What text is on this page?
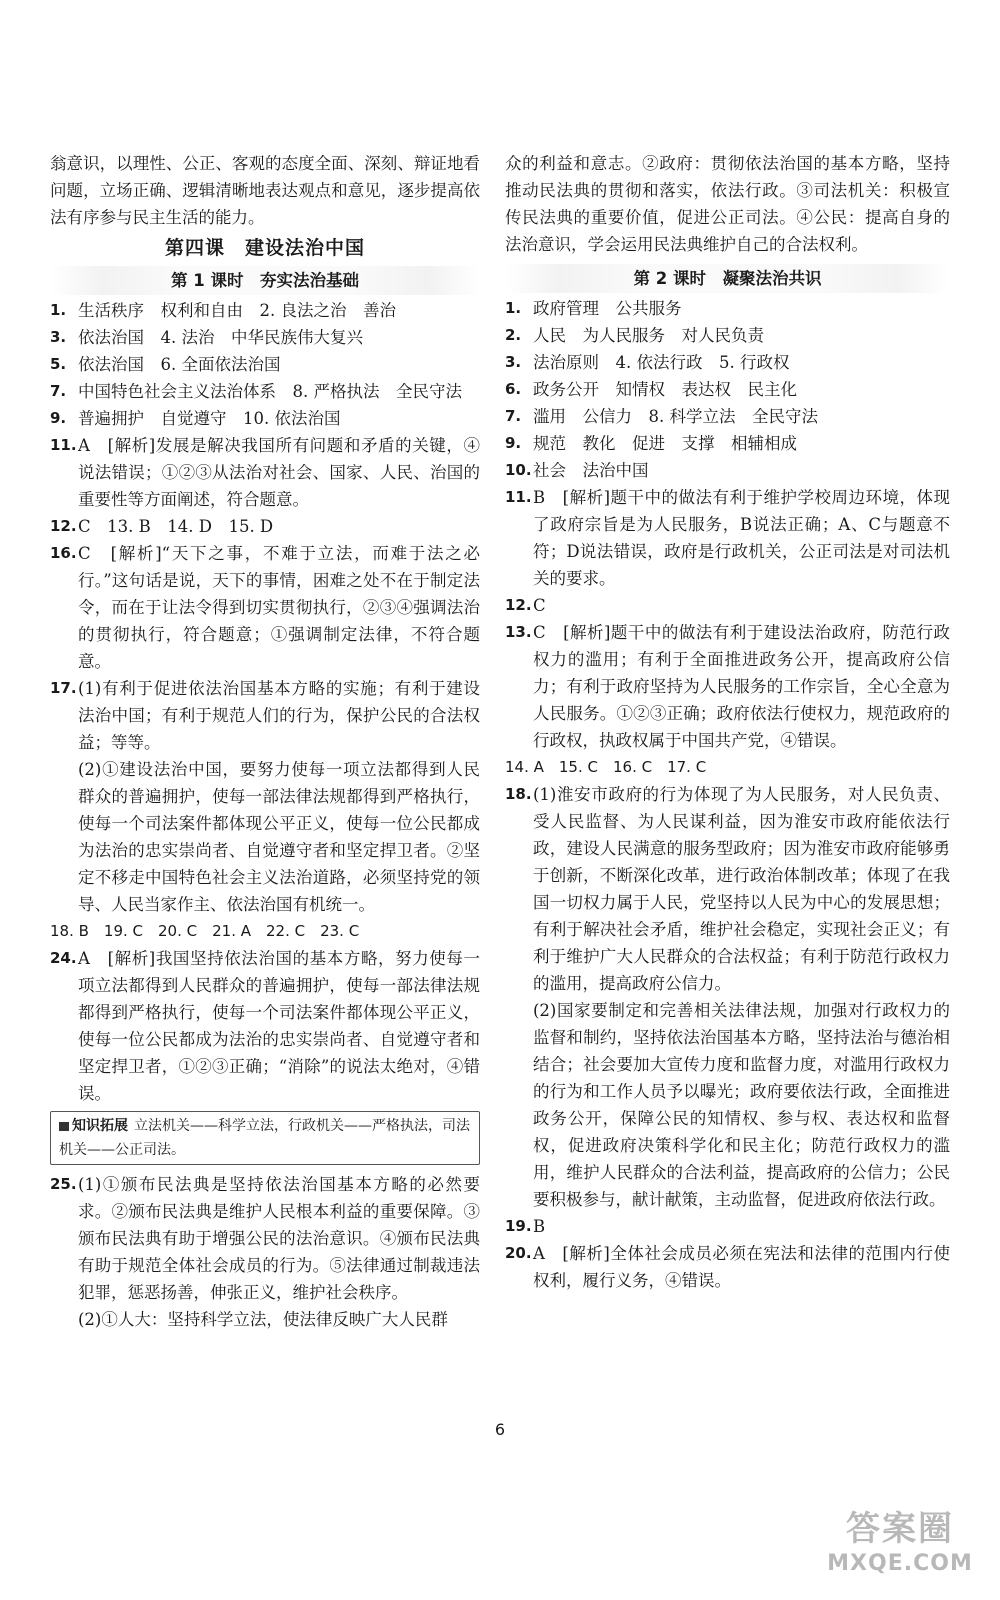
翁意识，以理性、公正、客观的态度全面、深刻、辩证地看问题，立场正确、逻辑清晰地表达观点和意见，逐步提高依法有序参与民主生活的能力。

第四课　建设法治中国
第 1 课时　夯实法治基础
1. 生活秩序　权利和自由　2. 良法之治　善治
3. 依法治国　4. 法治　中华民族伟大复兴
5. 依法治国　6. 全面依法治国
7. 中国特色社会主义法治体系　8. 严格执法　全民守法
9. 普遍拥护　自觉遵守　10. 依法治国
11. A　[解析]发展是解决我国所有问题和矛盾的关键，④说法错误；①②③从法治对社会、国家、人民、治国的重要性等方面阐述，符合题意。
12. C　13. B　14. D　15. D
16. C　[解析]“天下之事，不难于立法，而难于法之必行。”这句话是说，天下的事情，困难之处不在于制定法令，而在于让法令得到切实贯彻执行，②③④强调法治的贯彻执行，符合题意；①强调制定法律，不符合题意。
17. (1)有利于促进依法治国基本方略的实施；有利于建设法治中国；有利于规范人们的行为，保护公民的合法权益；等等。

(2)①建设法治中国，要努力使每一项立法都得到人民群众的普遍拥护，使每一部法律法规都得到严格执行，使每一个司法案件都体现公平正义，使每一位公民都成为法治的忠实崇尚者、自觉遵守者和坚定捍卫者。②坚定不移走中国特色社会主义法治道路，必须坚持党的领导、人民当家作主、依法治国有机统一。

18. B　19. C　20. C　21. A　22. C　23. C

24. A　[解析]我国坚持依法治国的基本方略，努力使每一项立法都得到人民群众的普遍拥护，使每一部法律法规都得到严格执行，使每一个司法案件都体现公平正义，使每一位公民都成为法治的忠实崇尚者、自觉遵守者和坚定捍卫者，①②③正确；“消除”的说法太绝对，④错误。
知识拓展 立法机关——科学立法，行政机关——严格执法，司法机关——公正司法。
25. (1)①颁布民法典是坚持依法治国基本方略的必然要求。②颁布民法典是维护人民根本利益的重要保障。③颁布民法典有助于增强公民的法治意识。④颁布民法典有助于规范全体社会成员的行为。⑤法律通过制裁违法犯罪，惩恶扬善，伸张正义，维护社会秩序。

(2)①人大：坚持科学立法，使法律反映广大人民群

众的利益和意志。②政府：贯彻依法治国的基本方略，坚持推动民法典的贯彻和落实，依法行政。③司法机关：积极宣传民法典的重要价值，促进公正司法。④公民：提高自身的法治意识，学会运用民法典维护自己的合法权利。

第 2 课时　凝聚法治共识
1. 政府管理　公共服务
2. 人民　为人民服务　对人民负责
3. 法治原则　4. 依法行政　5. 行政权
6. 政务公开　知情权　表达权　民主化
7. 滥用　公信力　8. 科学立法　全民守法
9. 规范　教化　促进　支撑　相辅相成
10. 社会　法治中国
11. B　[解析]题干中的做法有利于维护学校周边环境，体现了政府宗旨是为人民服务，B说法正确；A、C与题意不符；D说法错误，政府是行政机关，公正司法是对司法机关的要求。
12. C
13. C　[解析]题干中的做法有利于建设法治政府，防范行政权力的滥用；有利于全面推进政务公开，提高政府公信力；有利于政府坚持为人民服务的工作宗旨，全心全意为人民服务。①②③正确；政府依法行使权力，规范政府的行政权，执政权属于中国共产党，④错误。

14. A　15. C　16. C　17. C

18. (1)淮安市政府的行为体现了为人民服务，对人民负责、受人民监督、为人民谋利益，因为淮安市政府能依法行政，建设人民满意的服务型政府；因为淮安市政府能够勇于创新，不断深化改革，进行政治体制改革；体现了在我国一切权力属于人民，党坚持以人民为中心的发展思想；有利于解决社会矛盾，维护社会稳定，实现社会正义；有利于维护广大人民群众的合法权益；有利于防范行政权力的滥用，提高政府公信力。

(2)国家要制定和完善相关法律法规，加强对行政权力的监督和制约，坚持依法治国基本方略，坚持法治与德治相结合；社会要加大宣传力度和监督力度，对滥用行政权力的行为和工作人员予以曝光；政府要依法行政，全面推进政务公开，保障公民的知情权、参与权、表达权和监督权，促进政府决策科学化和民主化；防范行政权力的滥用，维护人民群众的合法利益，提高政府的公信力；公民要积极参与，献计献策，主动监督，促进政府依法行政。

19. B
20. A　[解析]全体社会成员必须在宪法和法律的范围内行使权利，履行义务，④错误。
6
答案圈
MXQE.COM
